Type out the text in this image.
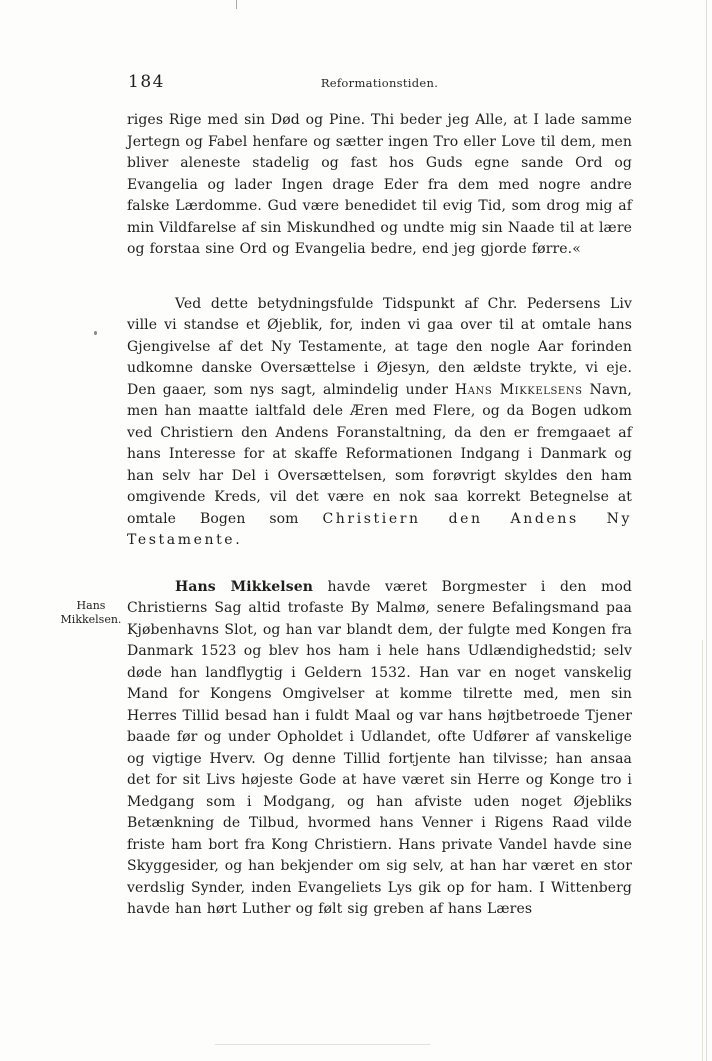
184	Reformationstiden.
Hans
Mikkelsen.

riges Rige med sin Død og Pine. Thi beder jeg Alle, at I lade samme Jertegn og Fabel henfare og sætter ingen Tro eller Love til dem, men bliver aleneste stadelig og fast hos Guds egne sande Ord og Evangelia og lader Ingen drage Eder fra dem med nogre andre falske Lærdomme. Gud være benedidet til evig Tid, som drog mig af min Vildfarelse af sin Miskundhed og undte mig sin Naade til at lære og forstaa sine Ord og Evangelia bedre, end jeg gjorde førre.«

Ved dette betydningsfulde Tidspunkt af Chr. Pedersens Liv ville vi standse et Øjeblik, for, inden vi gaa over til at omtale hans Gjengivelse af det Ny Testamente, at tage den nogle Aar forinden udkomne danske Oversættelse i Øjesyn, den ældste trykte, vi eje. Den gaaer, som nys sagt, almindelig under Hans Mikkelsens Navn, men han maatte ialtfald dele Æren med Flere, og da Bogen udkom ved Christiern den Andens Foranstaltning, da den er fremgaaet af hans Interesse for at skaffe Reformationen Indgang i Danmark og han selv har Del i Oversættelsen, som forøvrigt skyldes den ham omgivende Kreds, vil det være en nok saa korrekt Betegnelse at omtale Bogen som Christiern den Andens Ny Testamente.

Hans Mikkelsen havde været Borgmester i den mod Christierns Sag altid trofaste By Malmø, senere Befalingsmand paa Kjøbenhavns Slot, og han var blandt dem, der fulgte med Kongen fra Danmark 1523 og blev hos ham i hele hans Udlændighedstid; selv døde han landflygtig i Geldern 1532. Han var en noget vanskelig Mand for Kongens Omgivelser at komme tilrette med, men sin Herres Tillid besad han i fuldt Maal og var hans højtbetroede Tjener baade før og under Opholdet i Udlandet, ofte Udfører af vanskelige og vigtige Hverv. Og denne Tillid fortjente han tilvisse; han ansaa det for sit Livs højeste Gode at have været sin Herre og Konge tro i Medgang som i Modgang, og han afviste uden noget Øjebliks Betænkning de Tilbud, hvormed hans Venner i Rigens Raad vilde friste ham bort fra Kong Christiern. Hans private Vandel havde sine Skyggesider, og han bekjender om sig selv, at han har været en stor verdslig Synder, inden Evangeliets Lys gik op for ham. I Wittenberg havde han hørt Luther og følt sig greben af hans Læres
